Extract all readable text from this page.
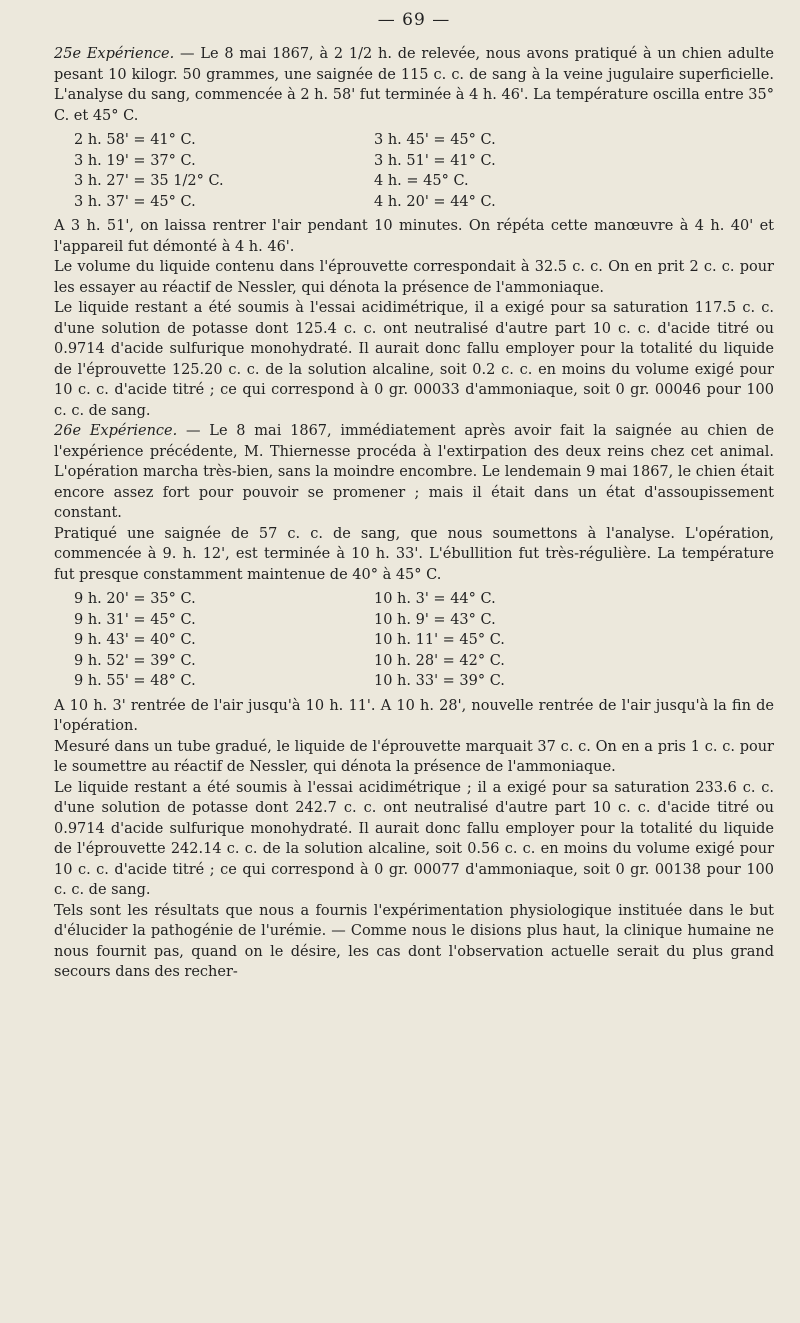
— 69 —

25e Expérience. — Le 8 mai 1867, à 2 1/2 h. de relevée, nous avons pratiqué à un chien adulte pesant 10 kilogr. 50 grammes, une saignée de 115 c. c. de sang à la veine jugulaire superficielle. L'analyse du sang, commencée à 2 h. 58' fut terminée à 4 h. 46'. La température oscilla entre 35° C. et 45° C.

2 h. 58' = 41° C.	3 h. 45' = 45° C.
3 h. 19' = 37° C.	3 h. 51' = 41° C.
3 h. 27' = 35 1/2° C.	4 h. = 45° C.
3 h. 37' = 45° C.	4 h. 20' = 44° C.

A 3 h. 51', on laissa rentrer l'air pendant 10 minutes. On répéta cette manœuvre à 4 h. 40' et l'appareil fut démonté à 4 h. 46'.

Le volume du liquide contenu dans l'éprouvette correspondait à 32.5 c. c. On en prit 2 c. c. pour les essayer au réactif de Nessler, qui dénota la présence de l'ammoniaque.

Le liquide restant a été soumis à l'essai acidimétrique, il a exigé pour sa saturation 117.5 c. c. d'une solution de potasse dont 125.4 c. c. ont neutralisé d'autre part 10 c. c. d'acide titré ou 0.9714 d'acide sulfurique monohydraté. Il aurait donc fallu employer pour la totalité du liquide de l'éprouvette 125.20 c. c. de la solution alcaline, soit 0.2 c. c. en moins du volume exigé pour 10 c. c. d'acide titré ; ce qui correspond à 0 gr. 00033 d'ammoniaque, soit 0 gr. 00046 pour 100 c. c. de sang.

26e Expérience. — Le 8 mai 1867, immédiatement après avoir fait la saignée au chien de l'expérience précédente, M. Thiernesse procéda à l'extirpation des deux reins chez cet animal. L'opération marcha très-bien, sans la moindre encombre. Le lendemain 9 mai 1867, le chien était encore assez fort pour pouvoir se promener ; mais il était dans un état d'assoupissement constant.

Pratiqué une saignée de 57 c. c. de sang, que nous soumettons à l'analyse. L'opération, commencée à 9. h. 12', est terminée à 10 h. 33'. L'ébullition fut très-régulière. La température fut presque constamment maintenue de 40° à 45° C.

9 h. 20' = 35° C.	10 h. 3' = 44° C.
9 h. 31' = 45° C.	10 h. 9' = 43° C.
9 h. 43' = 40° C.	10 h. 11' = 45° C.
9 h. 52' = 39° C.	10 h. 28' = 42° C.
9 h. 55' = 48° C.	10 h. 33' = 39° C.

A 10 h. 3' rentrée de l'air jusqu'à 10 h. 11'. A 10 h. 28', nouvelle rentrée de l'air jusqu'à la fin de l'opération.

Mesuré dans un tube gradué, le liquide de l'éprouvette marquait 37 c. c. On en a pris 1 c. c. pour le soumettre au réactif de Nessler, qui dénota la présence de l'ammoniaque.

Le liquide restant a été soumis à l'essai acidimétrique ; il a exigé pour sa saturation 233.6 c. c. d'une solution de potasse dont 242.7 c. c. ont neutralisé d'autre part 10 c. c. d'acide titré ou 0.9714 d'acide sulfurique monohydraté. Il aurait donc fallu employer pour la totalité du liquide de l'éprouvette 242.14 c. c. de la solution alcaline, soit 0.56 c. c. en moins du volume exigé pour 10 c. c. d'acide titré ; ce qui correspond à 0 gr. 00077 d'ammoniaque, soit 0 gr. 00138 pour 100 c. c. de sang.

Tels sont les résultats que nous a fournis l'expérimentation physiologique instituée dans le but d'élucider la pathogénie de l'urémie. — Comme nous le disions plus haut, la clinique humaine ne nous fournit pas, quand on le désire, les cas dont l'observation actuelle serait du plus grand secours dans des recher-
